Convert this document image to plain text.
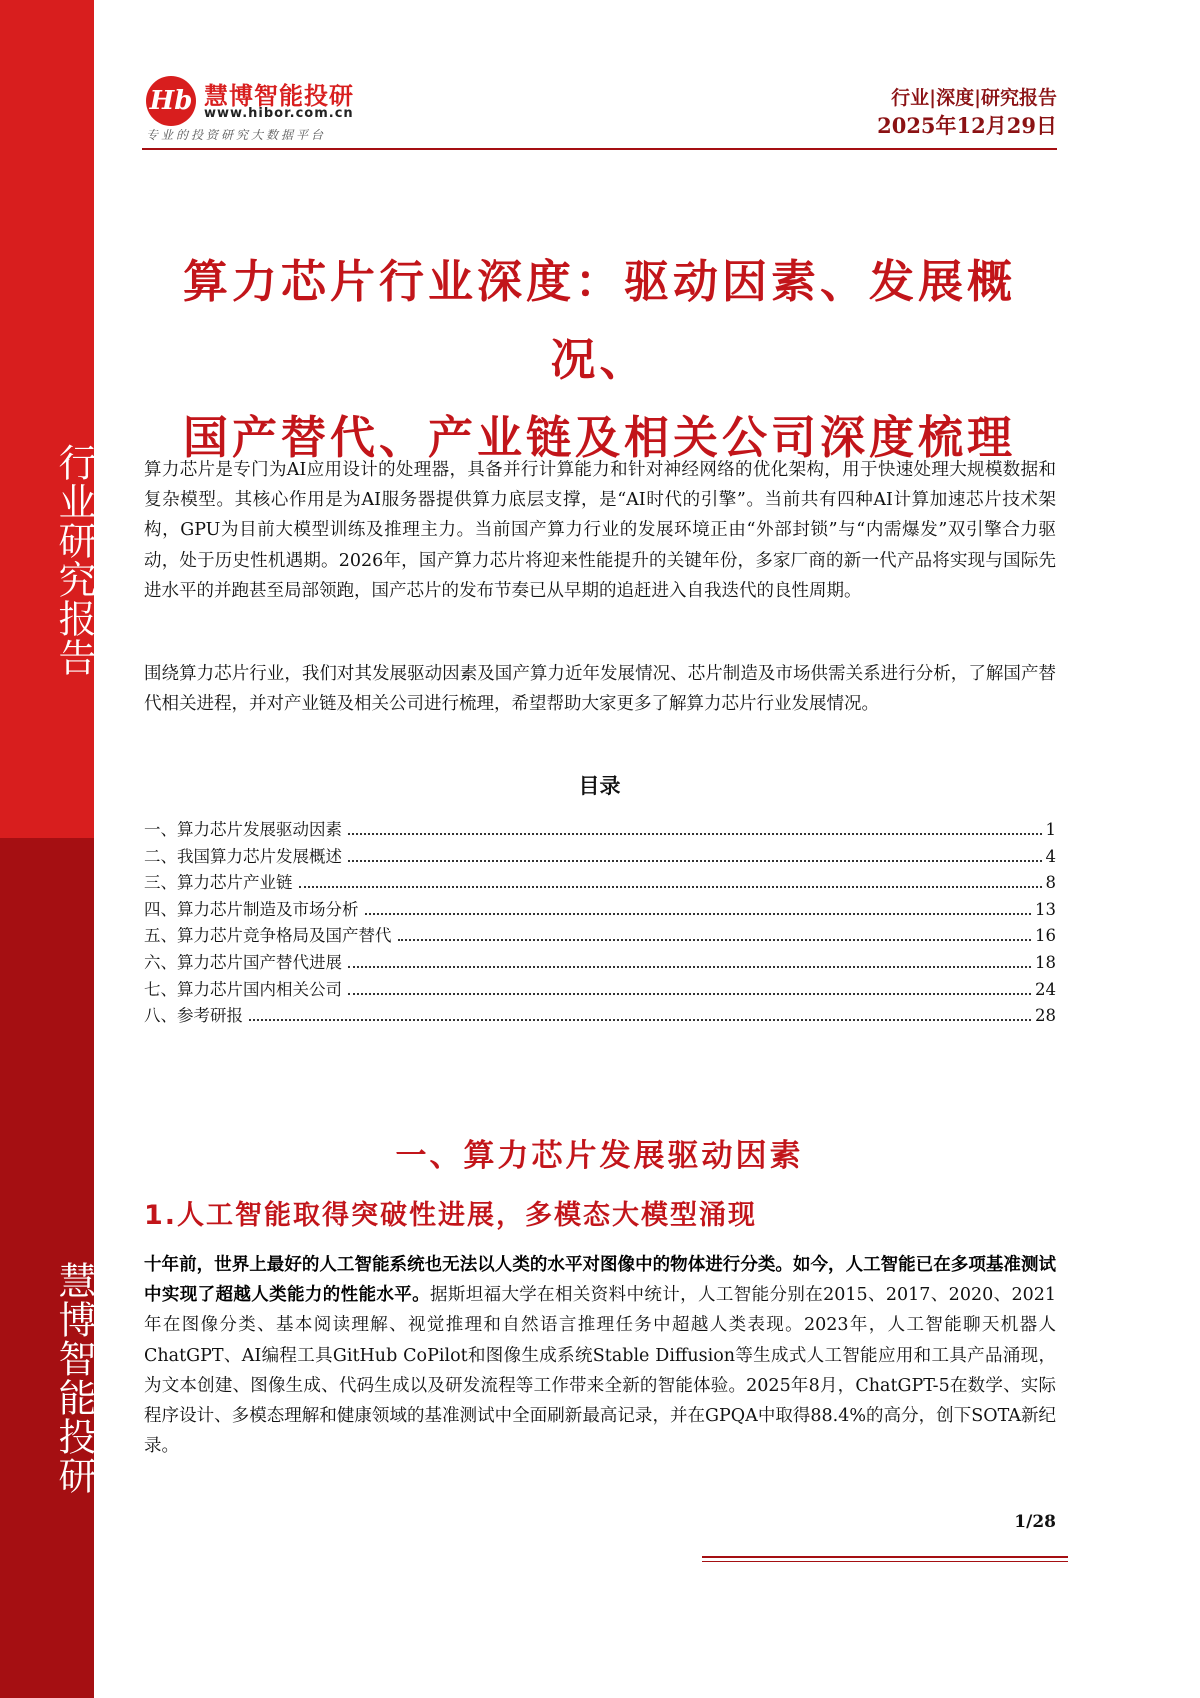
行业研究报告
慧博智能投研
Hb 慧博智能投研
www.hibor.com.cn
专业的投资研究大数据平台
行业|深度|研究报告
2025年12月29日
算力芯片行业深度：驱动因素、发展概况、
国产替代、产业链及相关公司深度梳理
算力芯片是专门为AI应用设计的处理器，具备并行计算能力和针对神经网络的优化架构，用于快速处理大规模数据和复杂模型。其核心作用是为AI服务器提供算力底层支撑，是“AI时代的引擎”。当前共有四种AI计算加速芯片技术架构，GPU为目前大模型训练及推理主力。当前国产算力行业的发展环境正由“外部封锁”与“内需爆发”双引擎合力驱动，处于历史性机遇期。2026年，国产算力芯片将迎来性能提升的关键年份，多家厂商的新一代产品将实现与国际先进水平的并跑甚至局部领跑，国产芯片的发布节奏已从早期的追赶进入自我迭代的良性周期。
围绕算力芯片行业，我们对其发展驱动因素及国产算力近年发展情况、芯片制造及市场供需关系进行分析，了解国产替代相关进程，并对产业链及相关公司进行梳理，希望帮助大家更多了解算力芯片行业发展情况。
目录
一、算力芯片发展驱动因素	1
二、我国算力芯片发展概述	4
三、算力芯片产业链	8
四、算力芯片制造及市场分析	13
五、算力芯片竞争格局及国产替代	16
六、算力芯片国产替代进展	18
七、算力芯片国内相关公司	24
八、参考研报	28
一、算力芯片发展驱动因素
1.人工智能取得突破性进展，多模态大模型涌现
十年前，世界上最好的人工智能系统也无法以人类的水平对图像中的物体进行分类。如今，人工智能已在多项基准测试中实现了超越人类能力的性能水平。据斯坦福大学在相关资料中统计，人工智能分别在2015、2017、2020、2021年在图像分类、基本阅读理解、视觉推理和自然语言推理任务中超越人类表现。2023年，人工智能聊天机器人ChatGPT、AI编程工具GitHub CoPilot和图像生成系统Stable Diffusion等生成式人工智能应用和工具产品涌现，为文本创建、图像生成、代码生成以及研发流程等工作带来全新的智能体验。2025年8月，ChatGPT-5在数学、实际程序设计、多模态理解和健康领域的基准测试中全面刷新最高记录，并在GPQA中取得88.4%的高分，创下SOTA新纪录。
1/28
